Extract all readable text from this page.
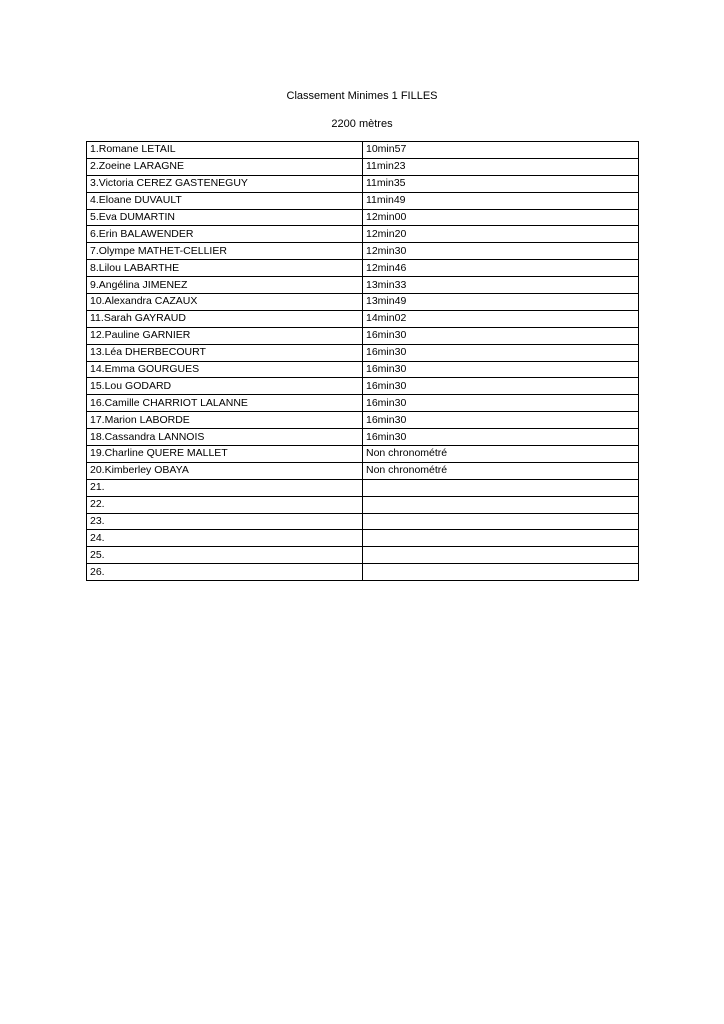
Classement Minimes 1 FILLES
2200 mètres
1.Romane LETAIL	10min57
2.Zoeine LARAGNE	11min23
3.Victoria CEREZ GASTENEGUY	11min35
4.Eloane DUVAULT	11min49
5.Eva DUMARTIN	12min00
6.Erin BALAWENDER	12min20
7.Olympe MATHET-CELLIER	12min30
8.Lilou LABARTHE	12min46
9.Angélina JIMENEZ	13min33
10.Alexandra CAZAUX	13min49
11.Sarah GAYRAUD	14min02
12.Pauline GARNIER	16min30
13.Léa DHERBECOURT	16min30
14.Emma GOURGUES	16min30
15.Lou GODARD	16min30
16.Camille CHARRIOT LALANNE	16min30
17.Marion LABORDE	16min30
18.Cassandra LANNOIS	16min30
19.Charline QUERE MALLET	Non chronométré
20.Kimberley OBAYA	Non chronométré
21.	
22.	
23.	
24.	
25.	
26.	
